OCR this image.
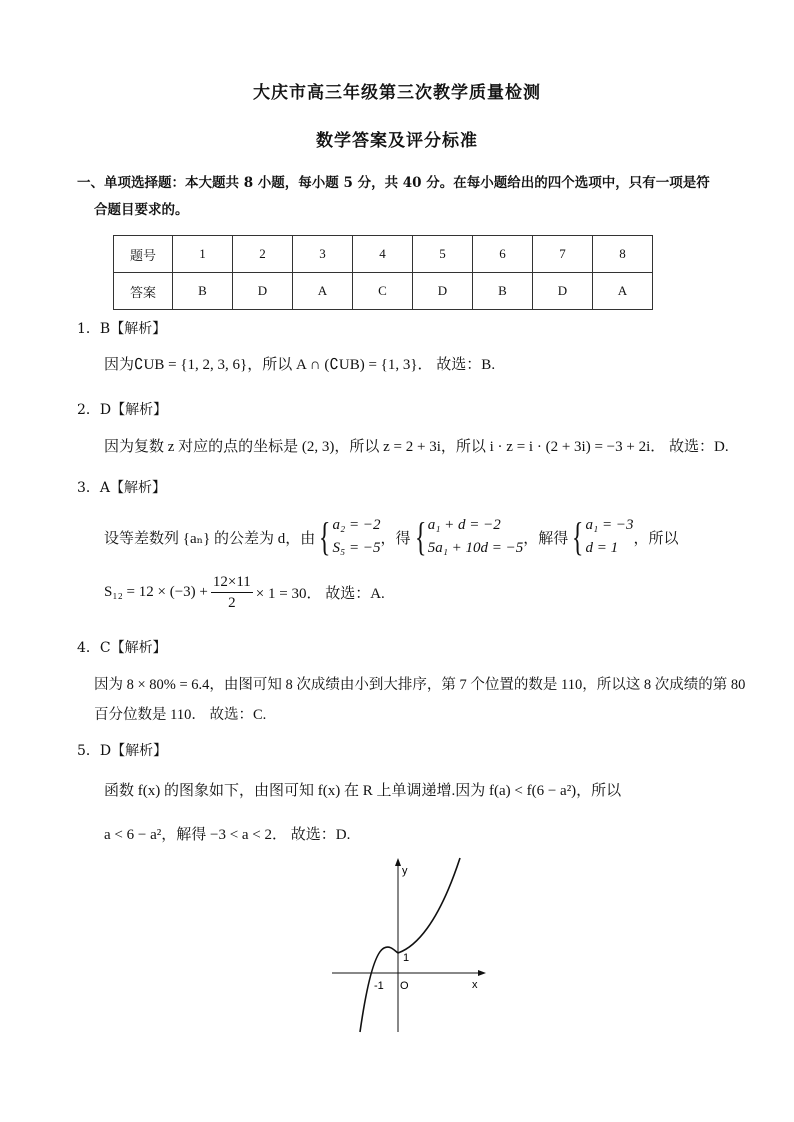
大庆市高三年级第三次教学质量检测
数学答案及评分标准
一、单项选择题：本大题共 8 小题，每小题 5 分，共 40 分。在每小题给出的四个选项中，只有一项是符
合题目要求的。
题号	1	2	3	4	5	6	7	8
答案	B	D	A	C	D	B	D	A
1．B【解析】
因为∁UB = {1, 2, 3, 6}，所以 A ∩ (∁UB) = {1, 3}． 故选：B.
2．D【解析】
因为复数 z 对应的点的坐标是 (2, 3)，所以 z = 2 + 3i，所以 i · z = i · (2 + 3i) = −3 + 2i． 故选：D.
3．A【解析】
设等差数列 {aₙ} 的公差为 d，由 { a₂ = −2
S₅ = −5
，得 { a₁ + d = −2
5a₁ + 10d = −5
，解得 { a₁ = −3
d = 1
，所以
$S_{12} = 12 \times (-3) + \frac{12\times 11}{2} \times 1 = 30$． 故选：A.
4．C【解析】
因为 8 × 80% = 6.4，由图可知 8 次成绩由小到大排序，第 7 个位置的数是 110，所以这 8 次成绩的第 80
百分位数是 110． 故选：C.
5．D【解析】
函数 f(x) 的图象如下，由图可知 f(x) 在 R 上单调递增.因为 f(a) < f(6 − a²)，所以
a < 6 − a²，解得 −3 < a < 2． 故选：D.
y
x
O
-1
1
